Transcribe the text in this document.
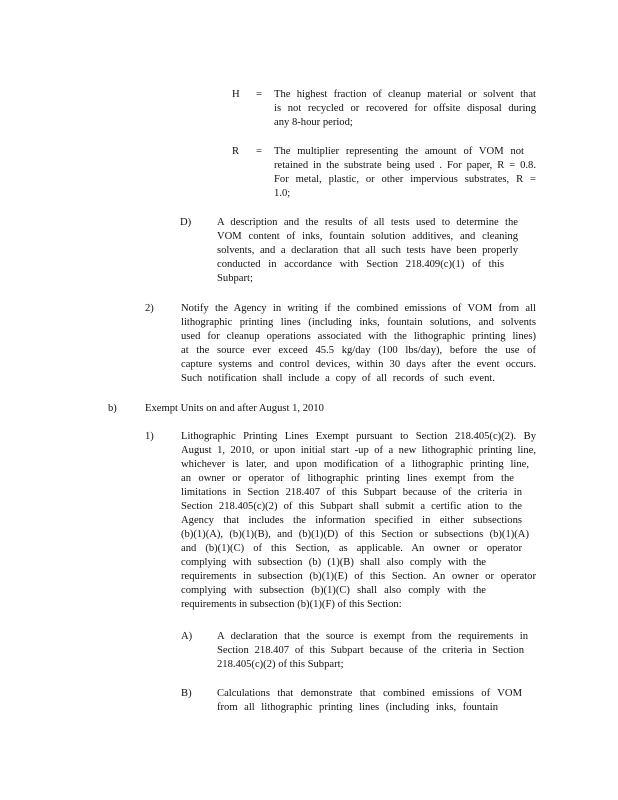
H = The highest fraction of cleanup material or solvent that
is not recycled or recovered for offsite disposal during
any 8-hour period;
R = The multiplier representing the amount of VOM not
retained in the substrate being used . For paper, R = 0.8.
For metal, plastic, or other impervious substrates, R =
1.0;
D) A description and the results of all tests used to determine the
VOM content of inks, fountain solution additives, and cleaning
solvents, and a declaration that all such tests have been properly
conducted in accordance with Section 218.409(c)(1) of this
Subpart;
2)	Notify the Agency in writing if the combined emissions of VOM from all
lithographic printing lines (including inks, fountain solutions, and solvents
used for cleanup operations associated with the lithographic printing lines)
at the source ever exceed 45.5 kg/day (100 lbs/day), before the use of
capture systems and control devices, within 30 days after the event occurs.
Such notification shall include a copy of all records of such event.
b)	Exempt Units on and after August 1, 2010
1)	Lithographic Printing Lines Exempt pursuant to Section 218.405(c)(2). By
August 1, 2010, or upon initial start -up of a new lithographic printing line,
whichever is later, and upon modification of a lithographic printing line,
an owner or operator of lithographic printing lines exempt from the
limitations in Section 218.407 of this Subpart because of the criteria in
Section 218.405(c)(2) of this Subpart shall submit a certific ation to the
Agency that includes the information specified in either subsections
(b)(1)(A), (b)(1)(B), and (b)(1)(D) of this Section or subsections (b)(1)(A)
and (b)(1)(C) of this Section, as applicable. An owner or operator
complying with subsection (b) (1)(B) shall also comply with the
requirements in subsection (b)(1)(E) of this Section. An owner or operator
complying with subsection (b)(1)(C) shall also comply with the
requirements in subsection (b)(1)(F) of this Section:
A) A declaration that the source is exempt from the requirements in
Section 218.407 of this Subpart because of the criteria in Section
218.405(c)(2) of this Subpart;
B) Calculations that demonstrate that combined emissions of VOM
from all lithographic printing lines (including inks, fountain
